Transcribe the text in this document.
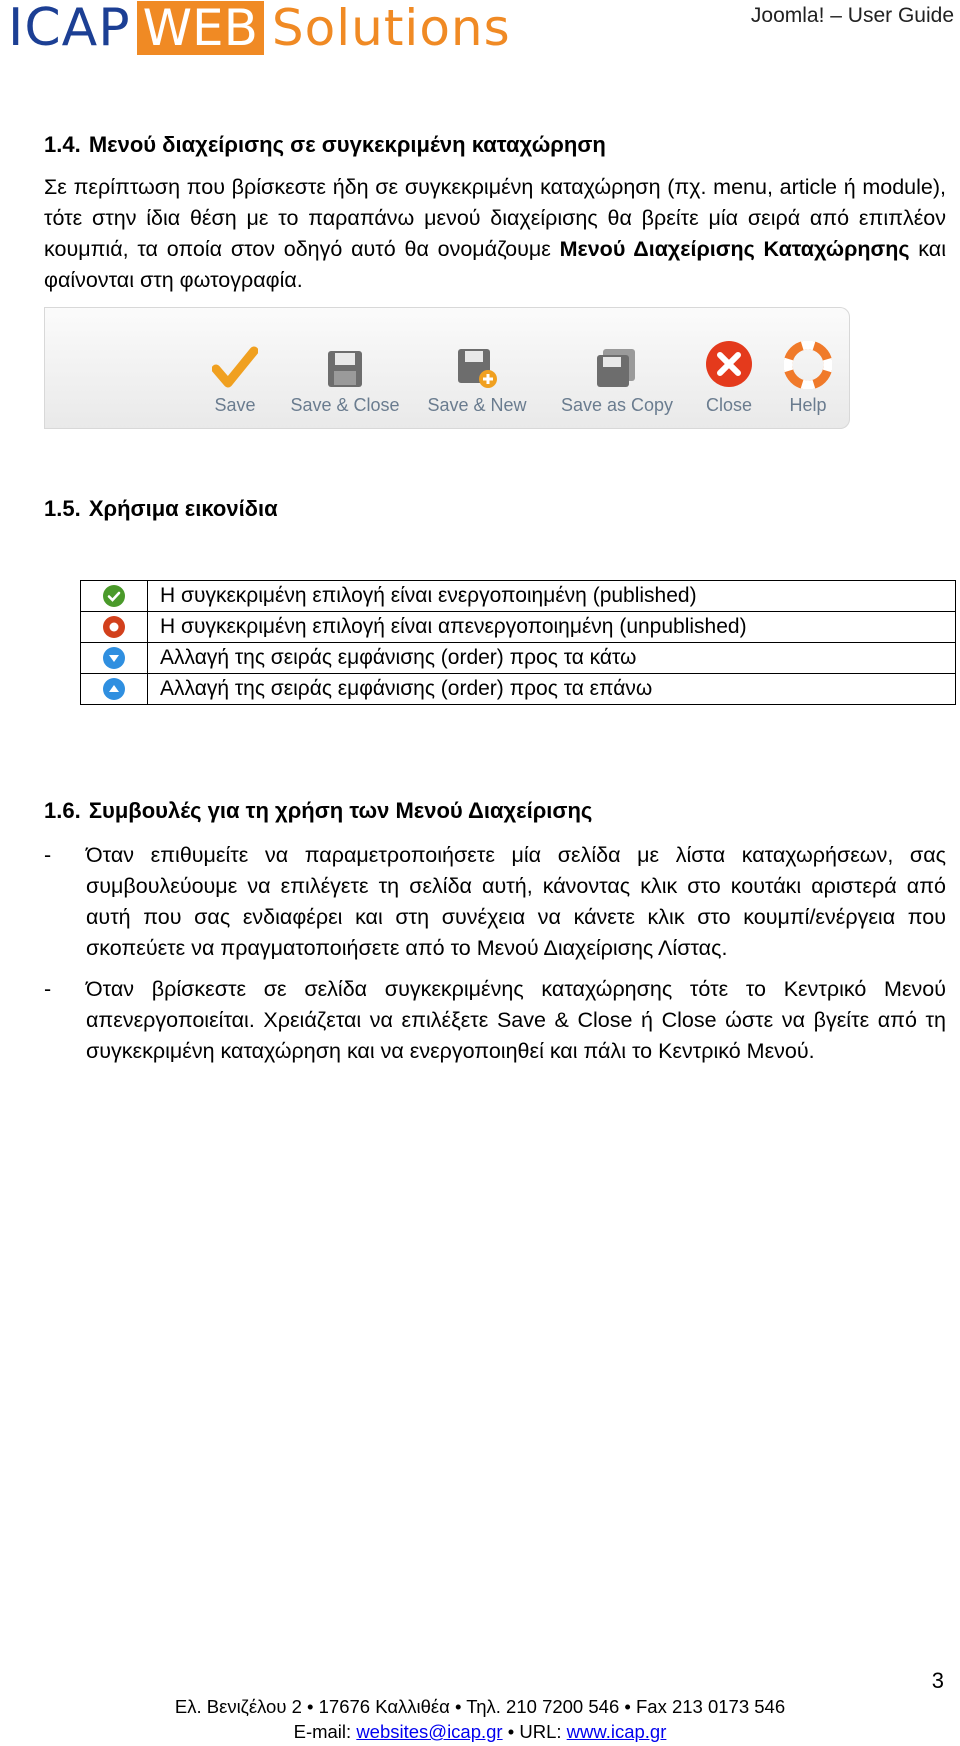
ICAP WEB Solutions	Joomla! – User Guide
1.4. Μενού διαχείρισης σε συγκεκριμένη καταχώρηση
Σε περίπτωση που βρίσκεστε ήδη σε συγκεκριμένη καταχώρηση (πχ. menu, article ή module), τότε στην ίδια θέση με το παραπάνω μενού διαχείρισης θα βρείτε μία σειρά από επιπλέον κουμπιά, τα οποία στον οδηγό αυτό θα ονομάζουμε Μενού Διαχείρισης Καταχώρησης και φαίνονται στη φωτογραφία.
Save	Save & Close	Save & New	Save as Copy	Close	Help
1.5. Χρήσιμα εικονίδια
	Η συγκεκριμένη επιλογή είναι ενεργοποιημένη (published)

	Η συγκεκριμένη επιλογή είναι απενεργοποιημένη (unpublished)

	Αλλαγή της σειράς εμφάνισης (order) προς τα κάτω

	Αλλαγή της σειράς εμφάνισης (order) προς τα επάνω
1.6. Συμβουλές για τη χρήση των Μενού Διαχείρισης
- Όταν επιθυμείτε να παραμετροποιήσετε μία σελίδα με λίστα καταχωρήσεων, σας συμβουλεύουμε να επιλέγετε τη σελίδα αυτή, κάνοντας κλικ στο κουτάκι αριστερά από αυτή που σας ενδιαφέρει και στη συνέχεια να κάνετε κλικ στο κουμπί/ενέργεια που σκοπεύετε να πραγματοποιήσετε από το Μενού Διαχείρισης Λίστας.
- Όταν βρίσκεστε σε σελίδα συγκεκριμένης καταχώρησης τότε το Κεντρικό Μενού απενεργοποιείται. Χρειάζεται να επιλέξετε Save & Close ή Close ώστε να βγείτε από τη συγκεκριμένη καταχώρηση και να ενεργοποιηθεί και πάλι το Κεντρικό Μενού.
3
Ελ. Βενιζέλου 2 • 17676 Καλλιθέα • Τηλ. 210 7200 546 • Fax 213 0173 546
E-mail: websites@icap.gr • URL: www.icap.gr
